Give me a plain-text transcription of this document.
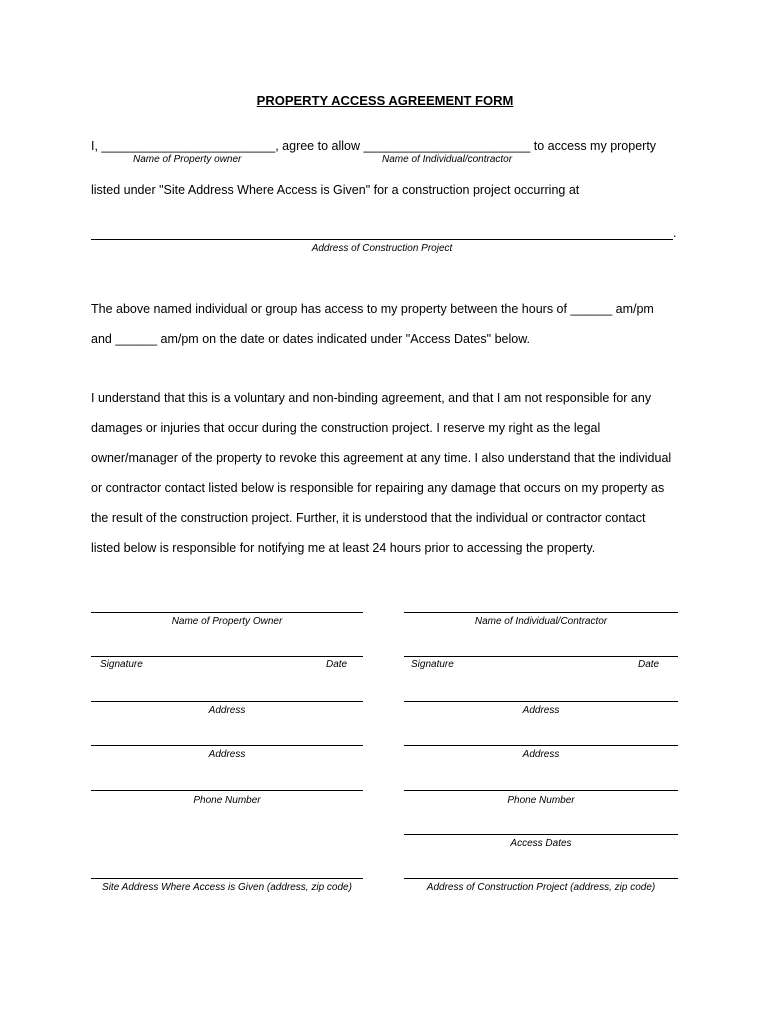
PROPERTY ACCESS AGREEMENT FORM
I, _________________________, agree to allow ________________________ to access my property
Name of Property owner	Name of Individual/contractor
listed under "Site Address Where Access is Given" for a construction project occurring at
.
Address of Construction Project
The above named individual or group has access to my property between the hours of ______ am/pm
and ______ am/pm on the date or dates indicated under "Access Dates" below.
I understand that this is a voluntary and non-binding agreement, and that I am not responsible for any
damages or injuries that occur during the construction project. I reserve my right as the legal
owner/manager of the property to revoke this agreement at any time. I also understand that the individual
or contractor contact listed below is responsible for repairing any damage that occurs on my property as
the result of the construction project. Further, it is understood that the individual or contractor contact
listed below is responsible for notifying me at least 24 hours prior to accessing the property.
Name of Property Owner
Signature	Date
Address
Address
Phone Number
Site Address Where Access is Given (address, zip code)
Name of Individual/Contractor
Signature	Date
Address
Address
Phone Number
Access Dates
Address of Construction Project (address, zip code)
